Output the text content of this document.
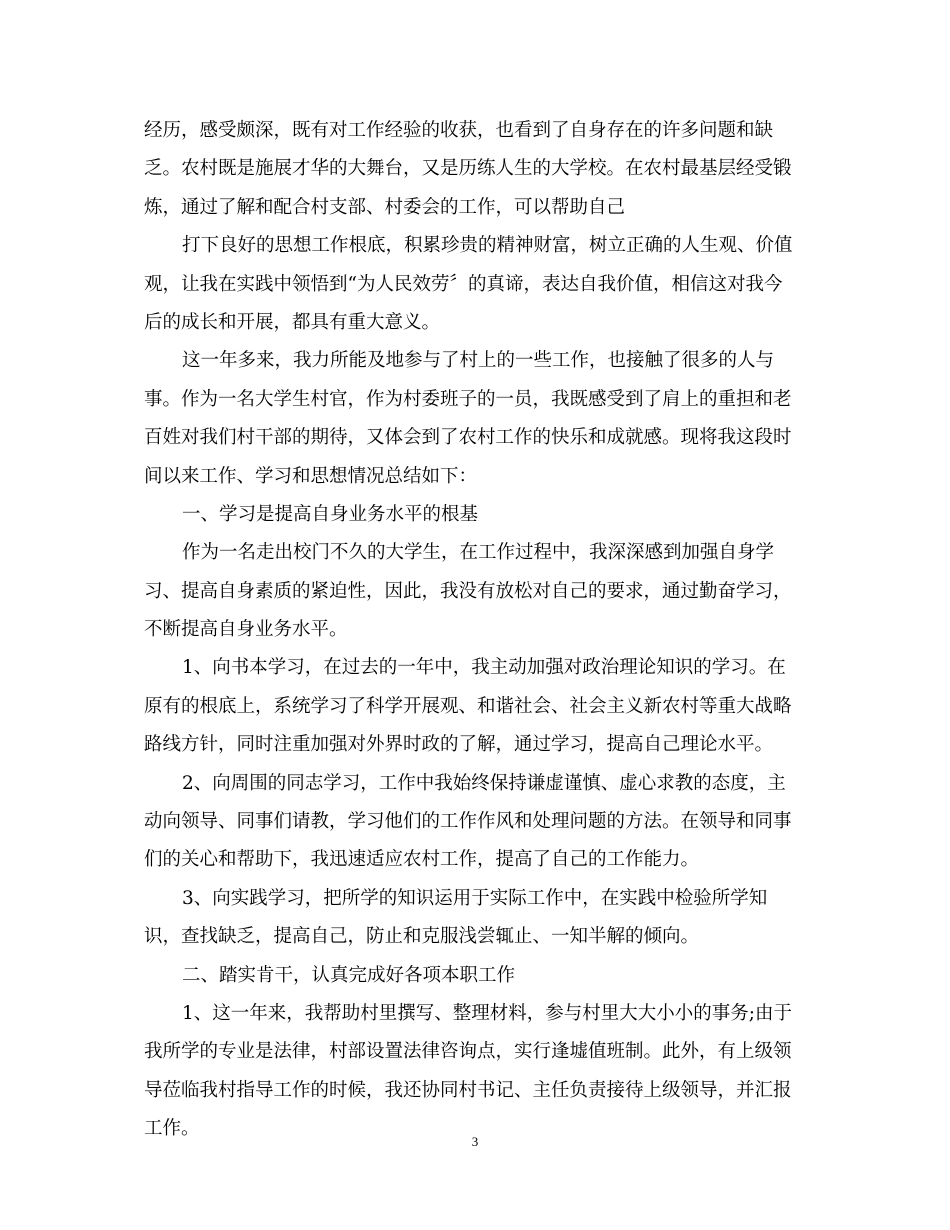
经历，感受颇深，既有对工作经验的收获，也看到了自身存在的许多问题和缺
乏。农村既是施展才华的大舞台，又是历练人生的大学校。在农村最基层经受锻
炼，通过了解和配合村支部、村委会的工作，可以帮助自己
打下良好的思想工作根底，积累珍贵的精神财富，树立正确的人生观、价值
观，让我在实践中领悟到“为人民效劳〞的真谛，表达自我价值，相信这对我今
后的成长和开展，都具有重大意义。
这一年多来，我力所能及地参与了村上的一些工作，也接触了很多的人与
事。作为一名大学生村官，作为村委班子的一员，我既感受到了肩上的重担和老
百姓对我们村干部的期待，又体会到了农村工作的快乐和成就感。现将我这段时
间以来工作、学习和思想情况总结如下：
一、学习是提高自身业务水平的根基
作为一名走出校门不久的大学生，在工作过程中，我深深感到加强自身学
习、提高自身素质的紧迫性，因此，我没有放松对自己的要求，通过勤奋学习，
不断提高自身业务水平。
1、向书本学习，在过去的一年中，我主动加强对政治理论知识的学习。在
原有的根底上，系统学习了科学开展观、和谐社会、社会主义新农村等重大战略
路线方针，同时注重加强对外界时政的了解，通过学习，提高自己理论水平。
2、向周围的同志学习，工作中我始终保持谦虚谨慎、虚心求教的态度，主
动向领导、同事们请教，学习他们的工作作风和处理问题的方法。在领导和同事
们的关心和帮助下，我迅速适应农村工作，提高了自己的工作能力。
3、向实践学习，把所学的知识运用于实际工作中，在实践中检验所学知
识，查找缺乏，提高自己，防止和克服浅尝辄止、一知半解的倾向。
二、踏实肯干，认真完成好各项本职工作
1、这一年来，我帮助村里撰写、整理材料，参与村里大大小小的事务;由于
我所学的专业是法律，村部设置法律咨询点，实行逢墟值班制。此外，有上级领
导莅临我村指导工作的时候，我还协同村书记、主任负责接待上级领导，并汇报
工作。
3
